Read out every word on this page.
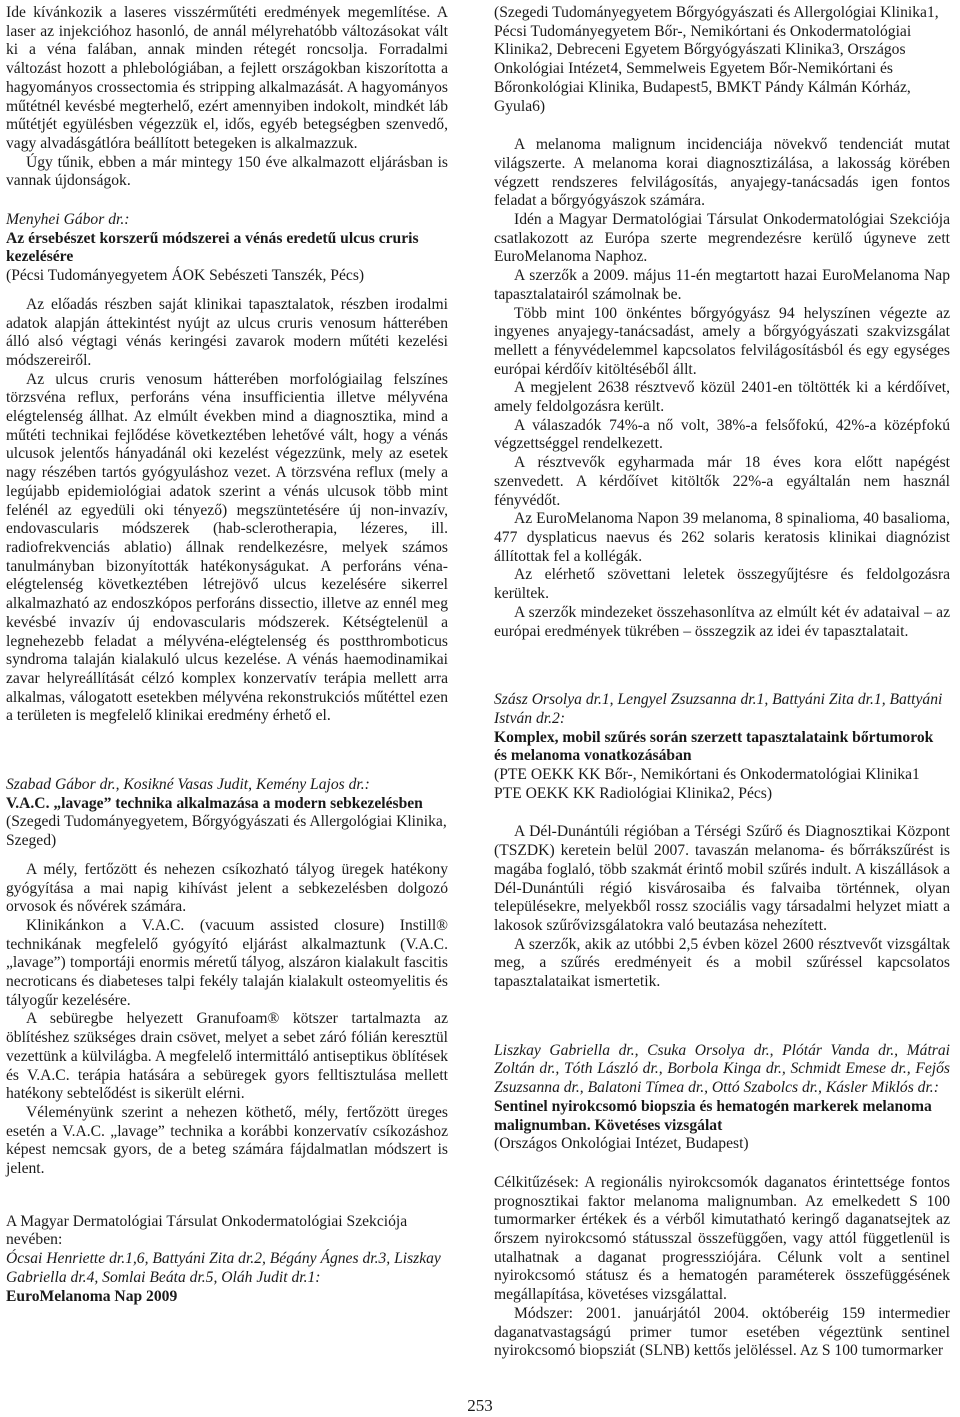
Ide kívánkozik a laseres visszérműtéti eredmények megemlítése. A laser az injekcióhoz hasonló, de annál mélyrehatóbb változásokat vált ki a véna falában, annak minden rétegét roncsolja. Forradalmi változást hozott a phlebológiában, a fejlett országokban kiszorította a hagyományos crossectomia és stripping alkalmazását. A hagyományos műtétnél kevésbé megterhelő, ezért amennyiben indokolt, mindkét láb műtétjét együlésben végezzük el, idős, egyéb betegségben szenvedő, vagy alvadásgátlóra beállított betegeken is alkalmazzuk.

Úgy tűnik, ebben a már mintegy 150 éve alkalmazott eljárásban is vannak újdonságok.

Menyhei Gábor dr.:

Az érsebészet korszerű módszerei a vénás eredetű ulcus cruris kezelésére

(Pécsi Tudományegyetem ÁOK Sebészeti Tanszék, Pécs)

Az előadás részben saját klinikai tapasztalatok, részben irodalmi adatok alapján áttekintést nyújt az ulcus cruris venosum hátterében álló alsó végtagi vénás keringési zavarok modern műtéti kezelési módszereiről.

Az ulcus cruris venosum hátterében morfológiailag felszínes törzsvéna reflux, perforáns véna insufficientia illetve mélyvéna elégtelenség állhat. Az elmúlt években mind a diagnosztika, mind a műtéti technikai fejlődése következtében lehetővé vált, hogy a vénás ulcusok jelentős hányadánál oki kezelést végezzünk, mely az esetek nagy részében tartós gyógyuláshoz vezet. A törzsvéna reflux (mely a legújabb epidemiológiai adatok szerint a vénás ulcusok több mint felénél az egyedüli oki tényező) megszüntetésére új non-invazív, endovascularis módszerek (hab-sclerotherapia, lézeres, ill. radiofrekvenciás ablatio) állnak rendelkezésre, melyek számos tanulmányban bizonyították hatékonyságukat. A perforáns véna-elégtelenség következtében létrejövő ulcus kezelésére sikerrel alkalmazható az endoszkópos perforáns dissectio, illetve az ennél meg kevésbé invazív új endovascularis módszerek. Kétségtelenül a legnehezebb feladat a mélyvéna-elégtelenség és postthromboticus syndroma talaján kialakuló ulcus kezelése. A vénás haemodinamikai zavar helyreállítását célzó komplex konzervatív terápia mellett arra alkalmas, válogatott esetekben mélyvéna rekonstrukciós műtéttel ezen a területen is megfelelő klinikai eredmény érhető el.

Szabad Gábor dr., Kosikné Vasas Judit, Kemény Lajos dr.:

V.A.C. „lavage” technika alkalmazása a modern sebkezelésben

(Szegedi Tudományegyetem, Bőrgyógyászati és Allergológiai Klinika, Szeged)

A mély, fertőzött és nehezen csíkozható tályog üregek hatékony gyógyítása a mai napig kihívást jelent a sebkezelésben dolgozó orvosok és nővérek számára.

Klinikánkon a V.A.C. (vacuum assisted closure) Instill® technikának megfelelő gyógyító eljárást alkalmaztunk (V.A.C. „lavage”) tomportáji enormis méretű tályog, alszáron kialakult fascitis necroticans és diabeteses talpi fekély talaján kialakult osteomyelitis és tályogűr kezelésére.

A sebüregbe helyezett Granufoam® kötszer tartalmazta az öblítéshez szükséges drain csövet, melyet a sebet záró fólián keresztül vezettünk a külvilágba. A megfelelő intermittáló antiseptikus öblítések és V.A.C. terápia hatására a sebüregek gyors felltisztulása mellett hatékony sebtelődést is sikerült elérni.

Véleményünk szerint a nehezen köthető, mély, fertőzött üreges esetén a V.A.C. „lavage” technika a korábbi konzervatív csíkozáshoz képest nemcsak gyors, de a beteg számára fájdalmatlan módszert is jelent.

A Magyar Dermatológiai Társulat Onkodermatológiai Szekciója nevében:

Ócsai Henriette dr.1,6, Battyáni Zita dr.2, Bégány Ágnes dr.3, Liszkay Gabriella dr.4, Somlai Beáta dr.5, Oláh Judit dr.1:

EuroMelanoma Nap 2009

(Szegedi Tudományegyetem Bőrgyógyászati és Allergológiai Klinika1, Pécsi Tudományegyetem Bőr-, Nemikórtani és Onkodermatológiai Klinika2, Debreceni Egyetem Bőrgyógyászati Klinika3, Országos Onkológiai Intézet4, Semmelweis Egyetem Bőr-Nemikórtani és Bőronkológiai Klinika, Budapest5, BMKT Pándy Kálmán Kórház, Gyula6)

A melanoma malignum incidenciája növekvő tendenciát mutat világszerte. A melanoma korai diagnosztizálása, a lakosság körében végzett rendszeres felvilágosítás, anyajegy-tanácsadás igen fontos feladat a bőrgyógyászok számára.

Idén a Magyar Dermatológiai Társulat Onkodermatológiai Szekciója csatlakozott az Európa szerte megrendezésre kerülő úgyneve zett EuroMelanoma Naphoz.

A szerzők a 2009. május 11-én megtartott hazai EuroMelanoma Nap tapasztalatairól számolnak be.

Több mint 100 önkéntes bőrgyógyász 94 helyszínen végezte az ingyenes anyajegy-tanácsadást, amely a bőrgyógyászati szakvizsgálat mellett a fényvédelemmel kapcsolatos felvilágosításból és egy egységes európai kérdőív kitöltéséből állt.

A megjelent 2638 résztvevő közül 2401-en töltötték ki a kérdőívet, amely feldolgozásra került.

A válaszadók 74%-a nő volt, 38%-a felsőfokú, 42%-a középfokú végzettséggel rendelkezett.

A résztvevők egyharmada már 18 éves kora előtt napégést szenvedett. A kérdőívet kitöltők 22%-a egyáltalán nem használ fényvédőt.

Az EuroMelanoma Napon 39 melanoma, 8 spinalioma, 40 basalioma, 477 dysplaticus naevus és 262 solaris keratosis klinikai diagnózist állítottak fel a kollégák.

Az elérhető szövettani leletek összegyűjtésre és feldolgozásra kerültek.

A szerzők mindezeket összehasonlítva az elmúlt két év adataival – az európai eredmények tükrében – összegzik az idei év tapasztalatait.

Szász Orsolya dr.1, Lengyel Zsuzsanna dr.1, Battyáni Zita dr.1, Battyáni István dr.2:

Komplex, mobil szűrés során szerzett tapasztalataink bőrtumorok és melanoma vonatkozásában

(PTE OEKK KK Bőr-, Nemikórtani és Onkodermatológiai Klinika1 PTE OEKK KK Radiológiai Klinika2, Pécs)

A Dél-Dunántúli régióban a Térségi Szűrő és Diagnosztikai Központ (TSZDK) keretein belül 2007. tavaszán melanoma- és bőrrákszűrést is magába foglaló, több szakmát érintő mobil szűrés indult. A kiszállások a Dél-Dunántúli régió kisvárosaiba és falvaiba történnek, olyan településekre, melyekből rossz szociális vagy társadalmi helyzet miatt a lakosok szűrővizsgálatokra való beutazása nehezített.

A szerzők, akik az utóbbi 2,5 évben közel 2600 résztvevőt vizsgáltak meg, a szűrés eredményeit és a mobil szűréssel kapcsolatos tapasztalataikat ismertetik.

Liszkay Gabriella dr., Csuka Orsolya dr., Plótár Vanda dr., Mátrai Zoltán dr., Tóth László dr., Borbola Kinga dr., Schmidt Emese dr., Fejős Zsuzsanna dr., Balatoni Tímea dr., Ottó Szabolcs dr., Kásler Miklós dr.:

Sentinel nyirokcsomó biopszia és hematogén markerek melanoma malignumban. Követéses vizsgálat

(Országos Onkológiai Intézet, Budapest)

Célkitűzések: A regionális nyirokcsomók daganatos érintettsége fontos prognosztikai faktor melanoma malignumban. Az emelkedett S 100 tumormarker értékek és a vérből kimutatható keringő daganatsejtek az őrszem nyirokcsomó státusszal összefüggően, vagy attól függetlenül is utalhatnak a daganat progressziójára. Célunk volt a sentinel nyirokcsomó státusz és a hematogén paraméterek összefüggésének megállapítása, követéses vizsgálattal.

Módszer: 2001. januárjától 2004. októberéig 159 intermedier daganatvastagságú primer tumor esetében végeztünk sentinel nyirokcsomó biopsziát (SLNB) kettős jelöléssel. Az S 100 tumormarker

253
